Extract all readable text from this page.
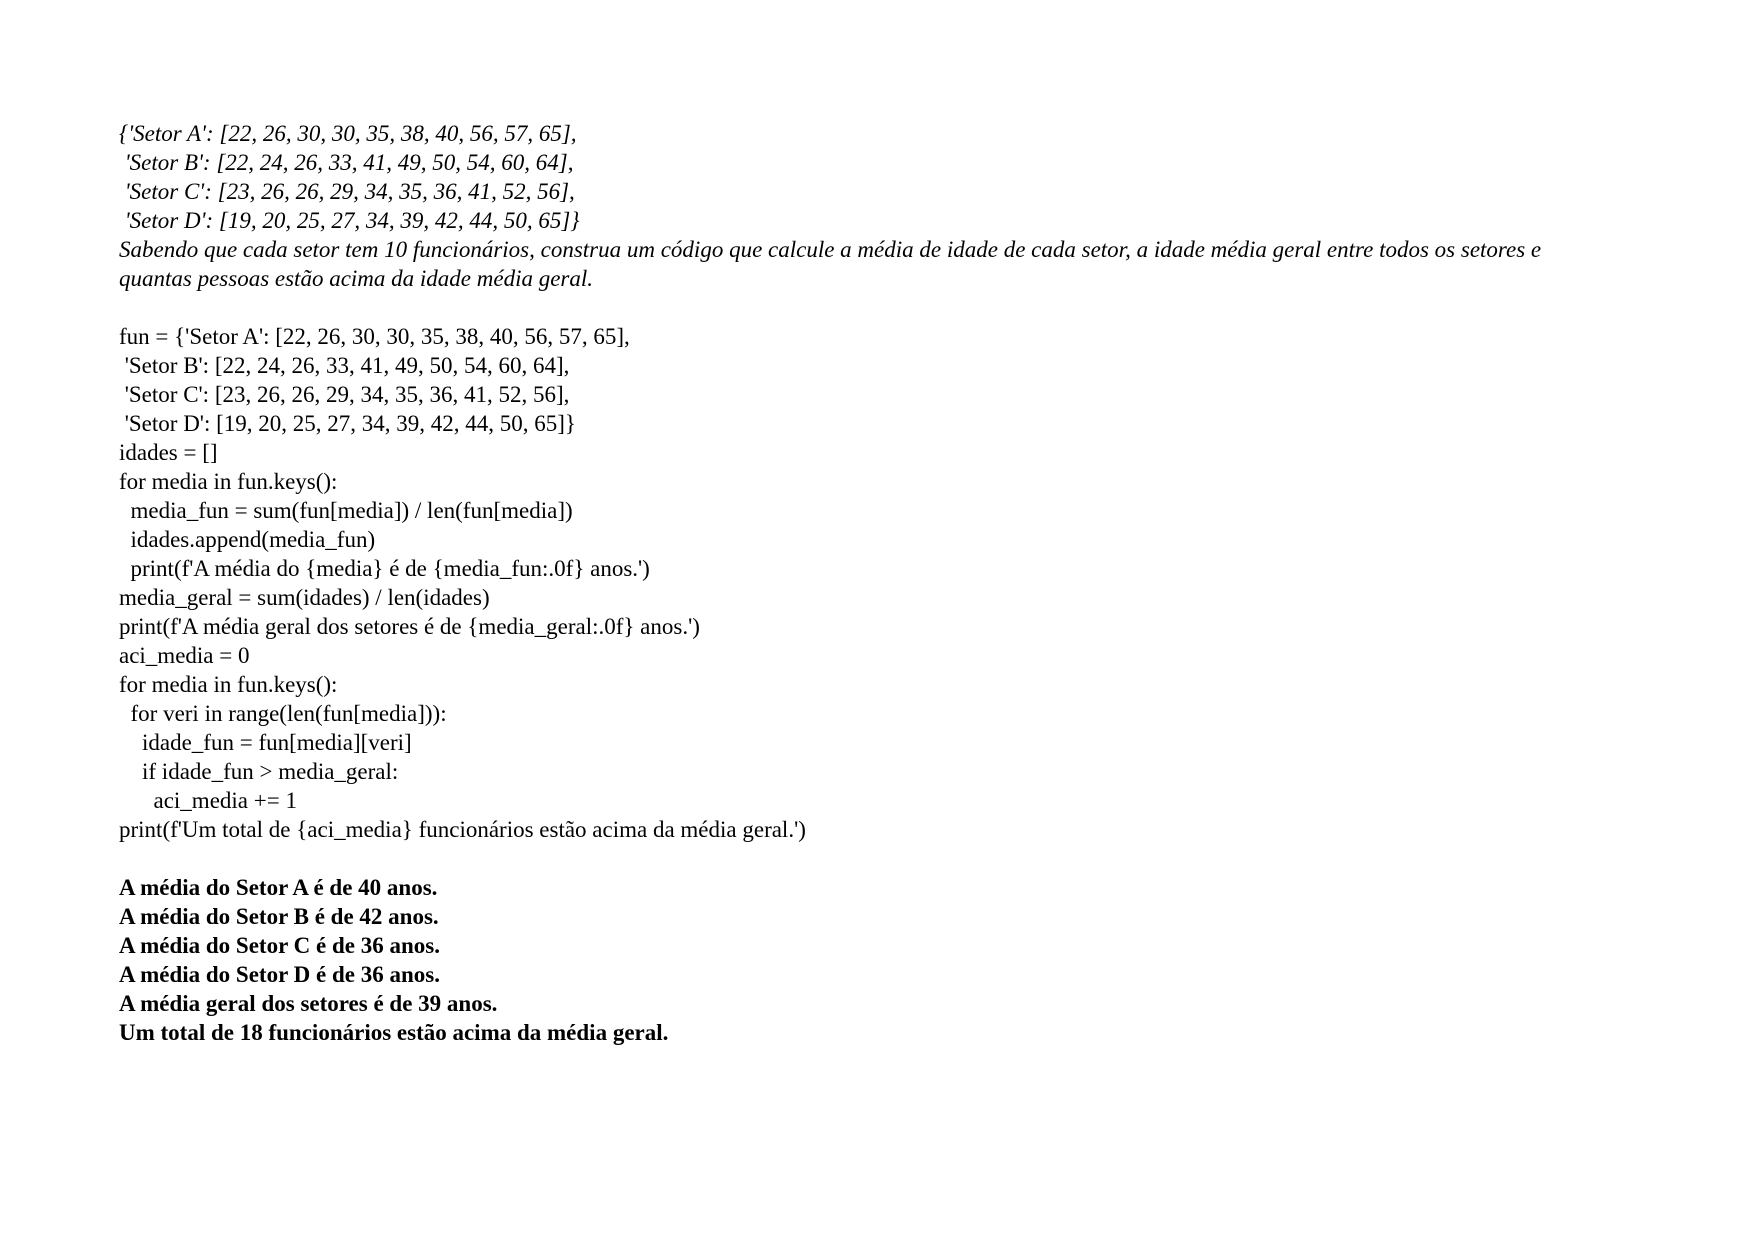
{'Setor A': [22, 26, 30, 30, 35, 38, 40, 56, 57, 65],
'Setor B': [22, 24, 26, 33, 41, 49, 50, 54, 60, 64],
'Setor C': [23, 26, 26, 29, 34, 35, 36, 41, 52, 56],
'Setor D': [19, 20, 25, 27, 34, 39, 42, 44, 50, 65]}
Sabendo que cada setor tem 10 funcionários, construa um código que calcule a média de idade de cada setor, a idade média geral entre todos os setores e quantas pessoas estão acima da idade média geral.
fun = {'Setor A': [22, 26, 30, 30, 35, 38, 40, 56, 57, 65],
'Setor B': [22, 24, 26, 33, 41, 49, 50, 54, 60, 64],
'Setor C': [23, 26, 26, 29, 34, 35, 36, 41, 52, 56],
'Setor D': [19, 20, 25, 27, 34, 39, 42, 44, 50, 65]}
idades = []
for media in fun.keys():
media_fun = sum(fun[media]) / len(fun[media])
idades.append(media_fun)
print(f'A média do {media} é de {media_fun:.0f} anos.')
media_geral = sum(idades) / len(idades)
print(f'A média geral dos setores é de {media_geral:.0f} anos.')
aci_media = 0
for media in fun.keys():
for veri in range(len(fun[media])):
idade_fun = fun[media][veri]
if idade_fun > media_geral:
aci_media += 1
print(f'Um total de {aci_media} funcionários estão acima da média geral.')
A média do Setor A é de 40 anos.
A média do Setor B é de 42 anos.
A média do Setor C é de 36 anos.
A média do Setor D é de 36 anos.
A média geral dos setores é de 39 anos.
Um total de 18 funcionários estão acima da média geral.
